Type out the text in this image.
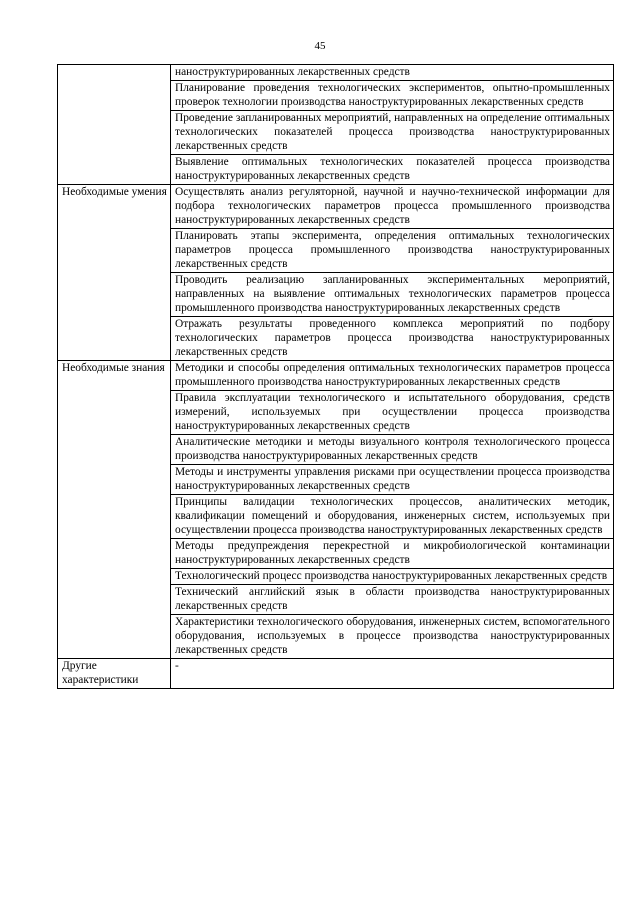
45
	наноструктурированных лекарственных средств
	Планирование проведения технологических экспериментов, опытно-промышленных проверок технологии производства наноструктурированных лекарственных средств
	Проведение запланированных мероприятий, направленных на определение оптимальных технологических показателей процесса производства наноструктурированных лекарственных средств
	Выявление оптимальных технологических показателей процесса производства наноструктурированных лекарственных средств
Необходимые умения	Осуществлять анализ регуляторной, научной и научно-технической информации для подбора технологических параметров процесса промышленного производства наноструктурированных лекарственных средств
	Планировать этапы эксперимента, определения оптимальных технологических параметров процесса промышленного производства наноструктурированных лекарственных средств
	Проводить реализацию запланированных экспериментальных мероприятий, направленных на выявление оптимальных технологических параметров процесса промышленного производства наноструктурированных лекарственных средств
	Отражать результаты проведенного комплекса мероприятий по подбору технологических параметров процесса производства наноструктурированных лекарственных средств
Необходимые знания	Методики и способы определения оптимальных технологических параметров процесса промышленного производства наноструктурированных лекарственных средств
	Правила эксплуатации технологического и испытательного оборудования, средств измерений, используемых при осуществлении процесса производства наноструктурированных лекарственных средств
	Аналитические методики и методы визуального контроля технологического процесса производства наноструктурированных лекарственных средств
	Методы и инструменты управления рисками при осуществлении процесса производства наноструктурированных лекарственных средств
	Принципы валидации технологических процессов, аналитических методик, квалификации помещений и оборудования, инженерных систем, используемых при осуществлении процесса производства наноструктурированных лекарственных средств
	Методы предупреждения перекрестной и микробиологической контаминации наноструктурированных лекарственных средств
	Технологический процесс производства наноструктурированных лекарственных средств
	Технический английский язык в области производства наноструктурированных лекарственных средств
	Характеристики технологического оборудования, инженерных систем, вспомогательного оборудования, используемых в процессе производства наноструктурированных лекарственных средств
Другие характеристики	-
